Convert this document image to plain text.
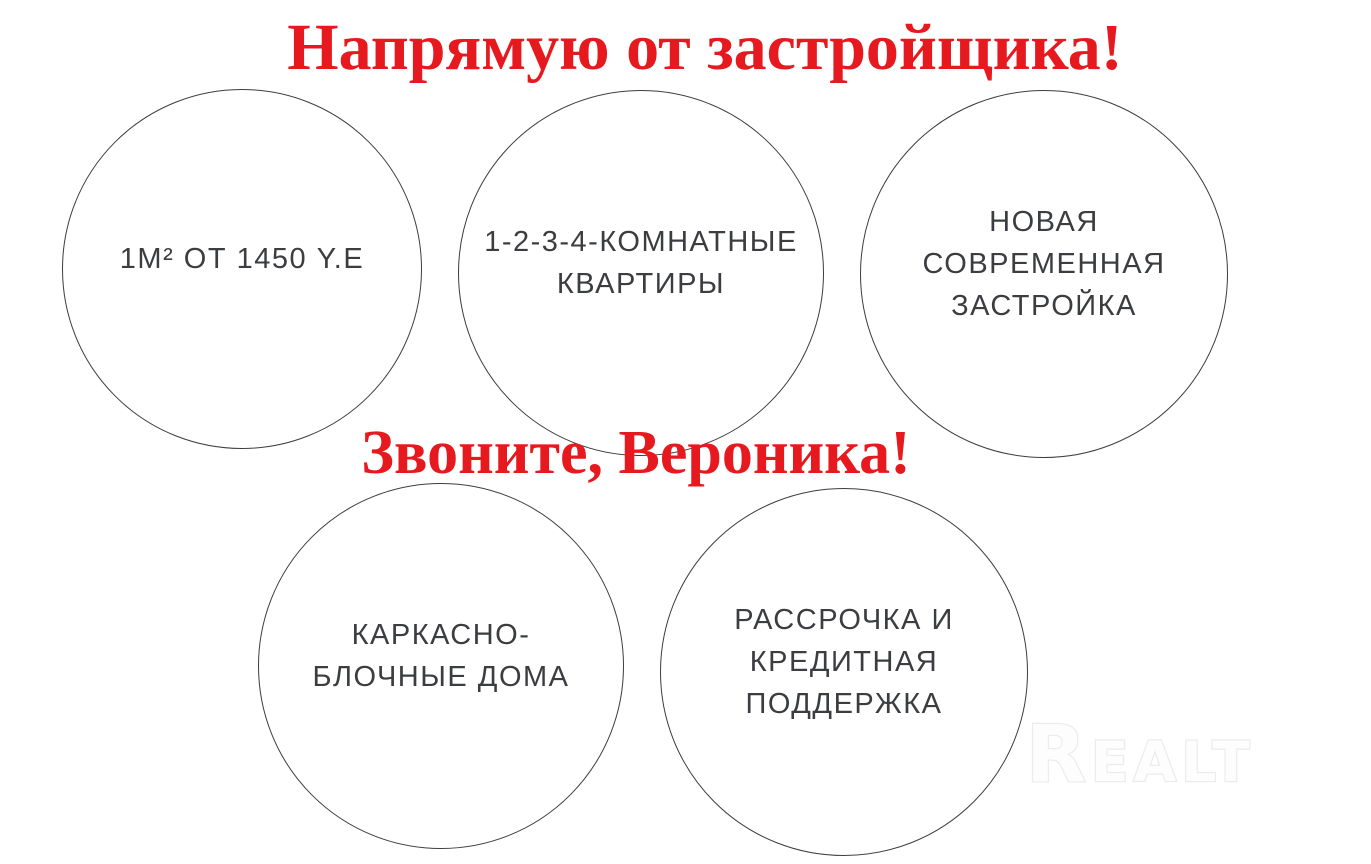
Напрямую от застройщика!
1М² ОТ 1450 Y.E
1-2-3-4-КОМНАТНЫЕ
КВАРТИРЫ
НОВАЯ
СОВРЕМЕННАЯ
ЗАСТРОЙКА
Звоните, Вероника!
КАРКАСНО-
БЛОЧНЫЕ ДОМА
РАССРОЧКА И
КРЕДИТНАЯ
ПОДДЕРЖКА
Realt
